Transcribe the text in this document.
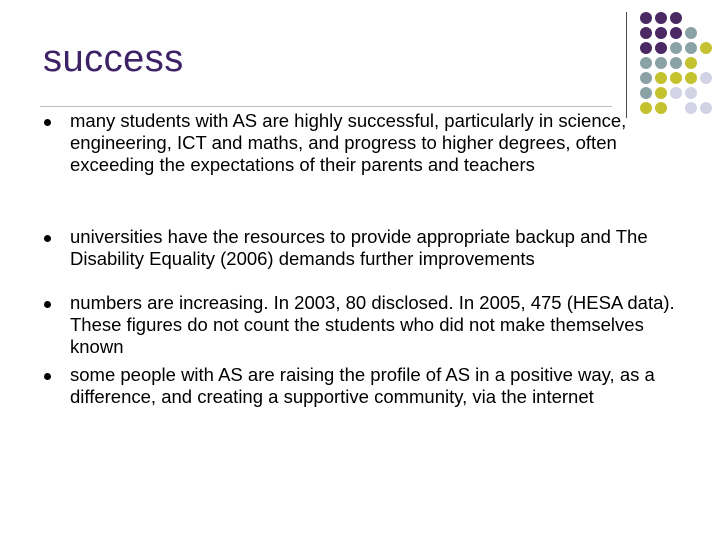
success
many students with AS are highly successful, particularly in science, engineering, ICT and maths, and progress to higher degrees, often exceeding the expectations of their parents and teachers
universities have the resources to provide appropriate backup and The Disability Equality (2006) demands further improvements
numbers are increasing. In 2003, 80 disclosed. In 2005, 475 (HESA data). These figures do not count the students who did not make themselves known
some people with AS are raising the profile of AS in a positive way, as a difference, and creating a supportive community, via the internet
